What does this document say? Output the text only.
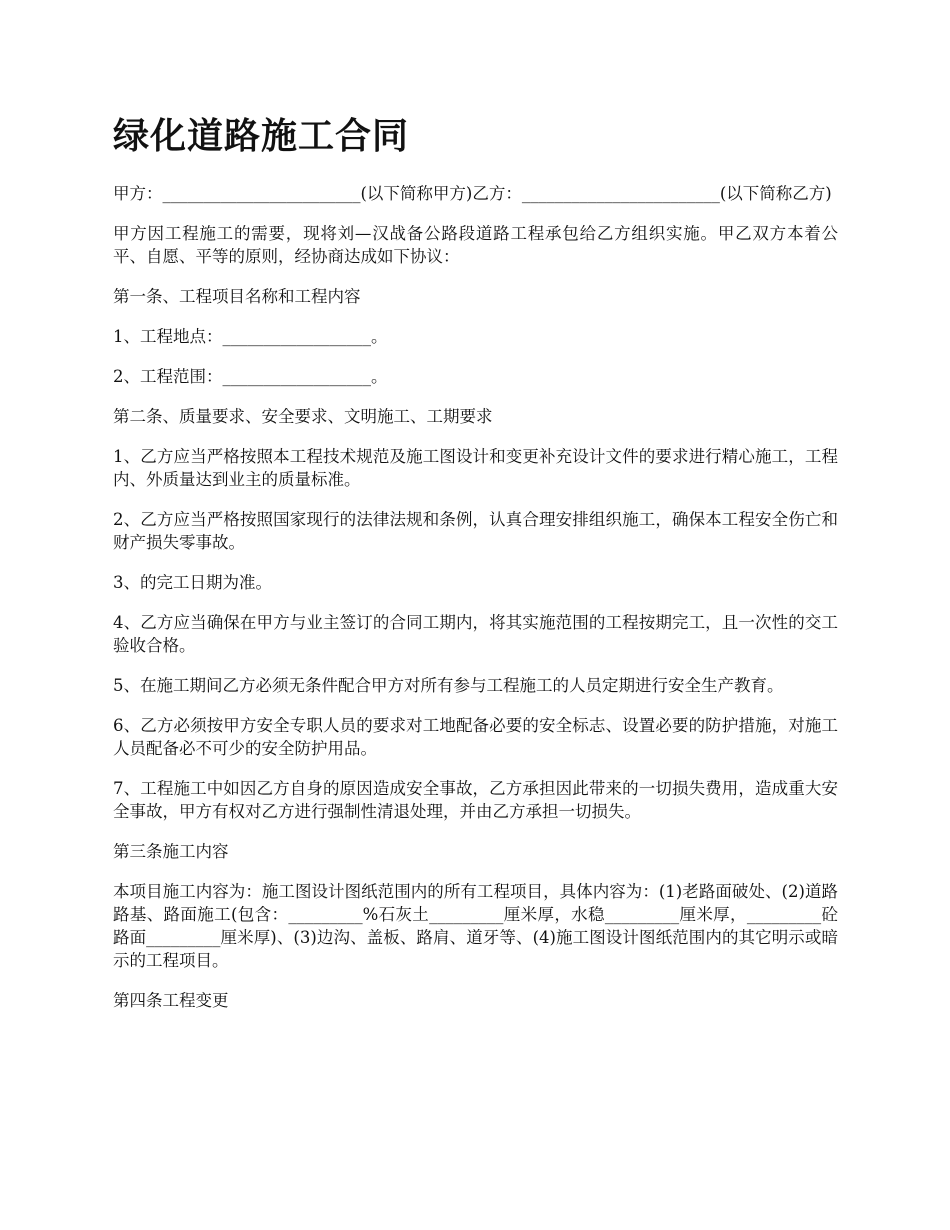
绿化道路施工合同

甲方：________________________(以下简称甲方)乙方：________________________(以下简称乙方)

甲方因工程施工的需要，现将刘—汉战备公路段道路工程承包给乙方组织实施。甲乙双方本着公平、自愿、平等的原则，经协商达成如下协议：

第一条、工程项目名称和工程内容

1、工程地点：__________________。

2、工程范围：__________________。

第二条、质量要求、安全要求、文明施工、工期要求

1、乙方应当严格按照本工程技术规范及施工图设计和变更补充设计文件的要求进行精心施工，工程内、外质量达到业主的质量标准。

2、乙方应当严格按照国家现行的法律法规和条例，认真合理安排组织施工，确保本工程安全伤亡和财产损失零事故。

3、的完工日期为准。

4、乙方应当确保在甲方与业主签订的合同工期内，将其实施范围的工程按期完工，且一次性的交工验收合格。

5、在施工期间乙方必须无条件配合甲方对所有参与工程施工的人员定期进行安全生产教育。

6、乙方必须按甲方安全专职人员的要求对工地配备必要的安全标志、设置必要的防护措施，对施工人员配备必不可少的安全防护用品。

7、工程施工中如因乙方自身的原因造成安全事故，乙方承担因此带来的一切损失费用，造成重大安全事故，甲方有权对乙方进行强制性清退处理，并由乙方承担一切损失。

第三条施工内容

本项目施工内容为：施工图设计图纸范围内的所有工程项目，具体内容为：(1)老路面破处、(2)道路路基、路面施工(包含：_________%石灰土_________厘米厚，水稳_________厘米厚，_________砼路面_________厘米厚)、(3)边沟、盖板、路肩、道牙等、(4)施工图设计图纸范围内的其它明示或暗示的工程项目。

第四条工程变更
